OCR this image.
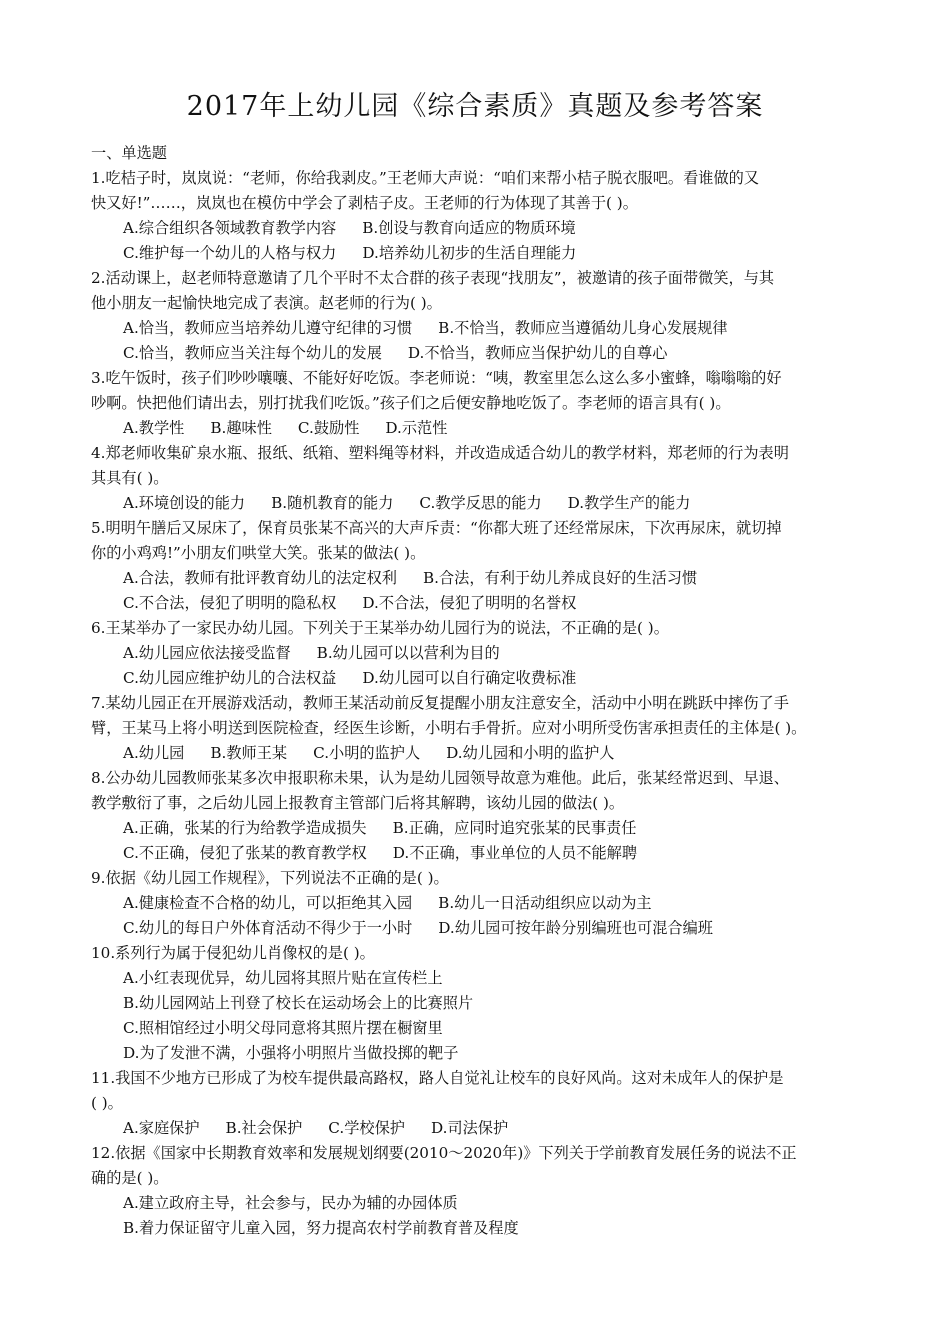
2017年上幼儿园《综合素质》真题及参考答案
一、单选题
1.吃桔子时，岚岚说：“老师，你给我剥皮。”王老师大声说：“咱们来帮小桔子脱衣服吧。看谁做的又
快又好!”……，岚岚也在模仿中学会了剥桔子皮。王老师的行为体现了其善于( )。
A.综合组织各领域教育教学内容 B.创设与教育向适应的物质环境
C.维护每一个幼儿的人格与权力 D.培养幼儿初步的生活自理能力
2.活动课上，赵老师特意邀请了几个平时不太合群的孩子表现“找朋友”，被邀请的孩子面带微笑，与其
他小朋友一起愉快地完成了表演。赵老师的行为( )。
A.恰当，教师应当培养幼儿遵守纪律的习惯 B.不恰当，教师应当遵循幼儿身心发展规律
C.恰当，教师应当关注每个幼儿的发展 D.不恰当，教师应当保护幼儿的自尊心
3.吃午饭时，孩子们吵吵嚷嚷、不能好好吃饭。李老师说：“咦，教室里怎么这么多小蜜蜂，嗡嗡嗡的好
吵啊。快把他们请出去，别打扰我们吃饭。”孩子们之后便安静地吃饭了。李老师的语言具有( )。
A.教学性 B.趣味性 C.鼓励性 D.示范性
4.郑老师收集矿泉水瓶、报纸、纸箱、塑料绳等材料，并改造成适合幼儿的教学材料，郑老师的行为表明
其具有( )。
A.环境创设的能力 B.随机教育的能力 C.教学反思的能力 D.教学生产的能力
5.明明午膳后又尿床了，保育员张某不高兴的大声斥责：“你都大班了还经常尿床，下次再尿床，就切掉
你的小鸡鸡!”小朋友们哄堂大笑。张某的做法( )。
A.合法，教师有批评教育幼儿的法定权利 B.合法，有利于幼儿养成良好的生活习惯
C.不合法，侵犯了明明的隐私权 D.不合法，侵犯了明明的名誉权
6.王某举办了一家民办幼儿园。下列关于王某举办幼儿园行为的说法，不正确的是( )。
A.幼儿园应依法接受监督 B.幼儿园可以以营利为目的
C.幼儿园应维护幼儿的合法权益 D.幼儿园可以自行确定收费标准
7.某幼儿园正在开展游戏活动，教师王某活动前反复提醒小朋友注意安全，活动中小明在跳跃中摔伤了手
臂，王某马上将小明送到医院检查，经医生诊断，小明右手骨折。应对小明所受伤害承担责任的主体是( )。
A.幼儿园 B.教师王某 C.小明的监护人 D.幼儿园和小明的监护人
8.公办幼儿园教师张某多次申报职称未果，认为是幼儿园领导故意为难他。此后，张某经常迟到、早退、
教学敷衍了事，之后幼儿园上报教育主管部门后将其解聘，该幼儿园的做法( )。
A.正确，张某的行为给教学造成损失 B.正确，应同时追究张某的民事责任
C.不正确，侵犯了张某的教育教学权 D.不正确，事业单位的人员不能解聘
9.依据《幼儿园工作规程》，下列说法不正确的是( )。
A.健康检查不合格的幼儿，可以拒绝其入园 B.幼儿一日活动组织应以动为主
C.幼儿的每日户外体育活动不得少于一小时 D.幼儿园可按年龄分别编班也可混合编班
10.系列行为属于侵犯幼儿肖像权的是( )。
A.小红表现优异，幼儿园将其照片贴在宣传栏上
B.幼儿园网站上刊登了校长在运动场会上的比赛照片
C.照相馆经过小明父母同意将其照片摆在橱窗里
D.为了发泄不满，小强将小明照片当做投掷的靶子
11.我国不少地方已形成了为校车提供最高路权，路人自觉礼让校车的良好风尚。这对未成年人的保护是
( )。
A.家庭保护 B.社会保护 C.学校保护 D.司法保护
12.依据《国家中长期教育效率和发展规划纲要(2010～2020年)》下列关于学前教育发展任务的说法不正
确的是( )。
A.建立政府主导，社会参与，民办为辅的办园体质
B.着力保证留守儿童入园，努力提高农村学前教育普及程度
